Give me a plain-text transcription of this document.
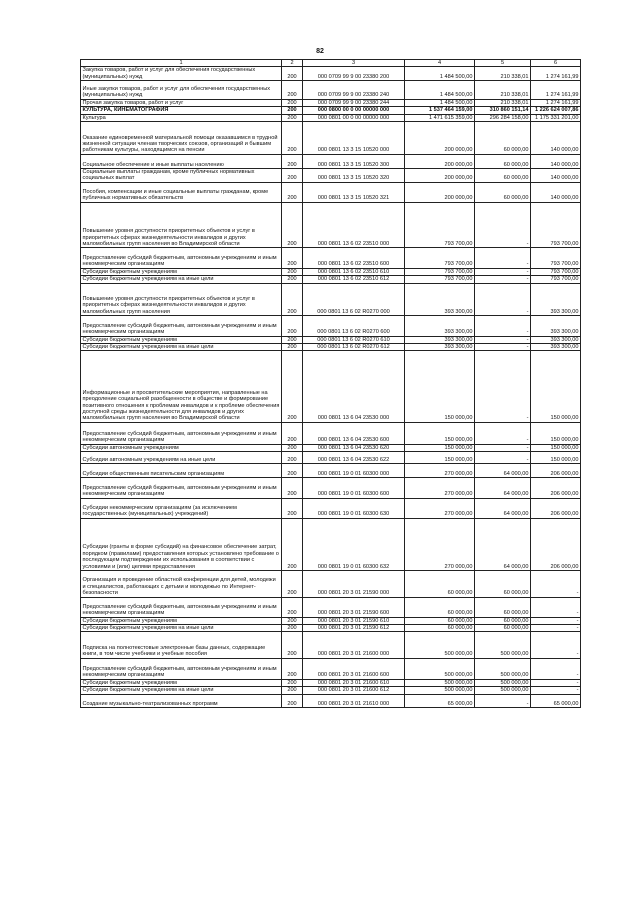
82
1	2	3	4	5	6
Закупка товаров, работ и услуг для обеспечения государственных (муниципальных) нужд	200	000 0709 99 9 00 23380 200	1 484 500,00	210 338,01	1 274 161,99
Иные закупки товаров, работ и услуг для обеспечения государственных (муниципальных) нужд	200	000 0709 99 9 00 23380 240	1 484 500,00	210 338,01	1 274 161,99
Прочая закупка товаров, работ и услуг	200	000 0709 99 9 00 23380 244	1 484 500,00	210 338,01	1 274 161,99
КУЛЬТУРА, КИНЕМАТОГРАФИЯ	200	000 0800 00 0 00 00000 000	1 537 464 159,00	310 860 151,14	1 226 624 007,86
Культура	200	000 0801 00 0 00 00000 000	1 471 615 359,00	296 284 158,00	1 175 331 201,00
Оказание единовременной материальной помощи оказавшимся в трудной жизненной ситуации членам творческих союзов, организаций и бывшим работникам культуры, находящимся на пенсии	200	000 0801 13 3 15 10520 000	200 000,00	60 000,00	140 000,00
Социальное обеспечение и иные выплаты населению	200	000 0801 13 3 15 10520 300	200 000,00	60 000,00	140 000,00
Социальные выплаты гражданам, кроме публичных нормативных социальных выплат	200	000 0801 13 3 15 10520 320	200 000,00	60 000,00	140 000,00
Пособия, компенсации и иные социальные выплаты гражданам, кроме публичных нормативных обязательств	200	000 0801 13 3 15 10520 321	200 000,00	60 000,00	140 000,00
Повышение уровня доступности приоритетных объектов и услуг в приоритетных сферах жизнедеятельности инвалидов и других маломобильных групп населения во Владимирской области	200	000 0801 13 6 02 23510 000	793 700,00	-	793 700,00
Предоставление субсидий бюджетным, автономным учреждениям и иным некоммерческим организациям	200	000 0801 13 6 02 23510 600	793 700,00	-	793 700,00
Субсидии бюджетным учреждениям	200	000 0801 13 6 02 23510 610	793 700,00	-	793 700,00
Субсидии бюджетным учреждениям на иные цели	200	000 0801 13 6 02 23510 612	793 700,00	-	793 700,00
Повышение уровня доступности приоритетных объектов и услуг в приоритетных сферах жизнедеятельности инвалидов и других маломобильных групп населения	200	000 0801 13 6 02 R0270 000	393 300,00	-	393 300,00
Предоставление субсидий бюджетным, автономным учреждениям и иным некоммерческим организациям	200	000 0801 13 6 02 R0270 600	393 300,00	-	393 300,00
Субсидии бюджетным учреждениям	200	000 0801 13 6 02 R0270 610	393 300,00	-	393 300,00
Субсидии бюджетным учреждениям на иные цели	200	000 0801 13 6 02 R0270 612	393 300,00	-	393 300,00
Информационные и просветительские мероприятия, направленные на преодоление социальной разобщенности в обществе и формирование позитивного отношения к проблемам инвалидов и к проблеме обеспечения доступной среды жизнедеятельности для инвалидов и других маломобильных групп населения во Владимирской области	200	000 0801 13 6 04 23530 000	150 000,00	-	150 000,00
Предоставление субсидий бюджетным, автономным учреждениям и иным некоммерческим организациям	200	000 0801 13 6 04 23530 600	150 000,00	-	150 000,00
Субсидии автономным учреждениям	200	000 0801 13 6 04 23530 620	150 000,00	-	150 000,00
Субсидии автономным учреждениям на иные цели	200	000 0801 13 6 04 23530 622	150 000,00	-	150 000,00
Субсидии общественным писательским организациям	200	000 0801 19 0 01 60300 000	270 000,00	64 000,00	206 000,00
Предоставление субсидий бюджетным, автономным учреждениям и иным некоммерческим организациям	200	000 0801 19 0 01 60300 600	270 000,00	64 000,00	206 000,00
Субсидии некоммерческим организациям (за исключением государственных (муниципальных) учреждений)	200	000 0801 19 0 01 60300 630	270 000,00	64 000,00	206 000,00
Субсидии (гранты в форме субсидий) на финансовое обеспечение затрат, порядком (правилами) предоставления которых установлено требование о последующем подтверждении их использования в соответствии с условиями и (или) целями предоставления	200	000 0801 19 0 01 60300 632	270 000,00	64 000,00	206 000,00
Организация и проведение областной конференции для детей, молодежи и специалистов, работающих с детьми и молодежью по Интернет-безопасности	200	000 0801 20 3 01 21590 000	60 000,00	60 000,00	-
Предоставление субсидий бюджетным, автономным учреждениям и иным некоммерческим организациям	200	000 0801 20 3 01 21590 600	60 000,00	60 000,00	-
Субсидии бюджетным учреждениям	200	000 0801 20 3 01 21590 610	60 000,00	60 000,00	-
Субсидии бюджетным учреждениям на иные цели	200	000 0801 20 3 01 21590 612	60 000,00	60 000,00	-
Подписка на полнотекстовые электронные базы данных, содержащие книги, в том числе учебники и учебные пособия	200	000 0801 20 3 01 21600 000	500 000,00	500 000,00	-
Предоставление субсидий бюджетным, автономным учреждениям и иным некоммерческим организациям	200	000 0801 20 3 01 21600 600	500 000,00	500 000,00	-
Субсидии бюджетным учреждениям	200	000 0801 20 3 01 21600 610	500 000,00	500 000,00	-
Субсидии бюджетным учреждениям на иные цели	200	000 0801 20 3 01 21600 612	500 000,00	500 000,00	-
Создание музыкально-театрализованных программ	200	000 0801 20 3 01 21610 000	65 000,00	-	65 000,00
